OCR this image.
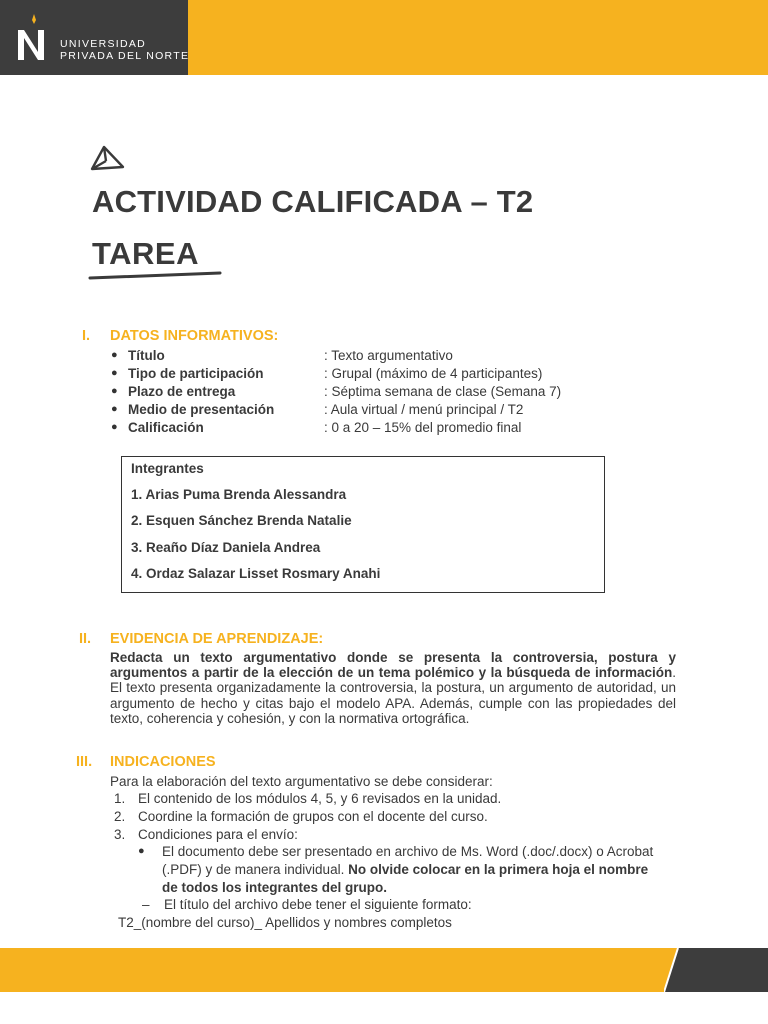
UNIVERSIDAD
PRIVADA DEL NORTE
ACTIVIDAD CALIFICADA – T2
TAREA
I. DATOS INFORMATIVOS:
● Título	: Texto argumentativo
● Tipo de participación	: Grupal (máximo de 4 participantes)
● Plazo de entrega	: Séptima semana de clase (Semana 7)
● Medio de presentación	: Aula virtual / menú principal / T2
● Calificación	: 0 a 20 – 15% del promedio final
Integrantes
1. Arias Puma Brenda Alessandra
2. Esquen Sánchez Brenda Natalie
3. Reaño Díaz Daniela Andrea
4. Ordaz Salazar Lisset Rosmary Anahi
II. EVIDENCIA DE APRENDIZAJE:
Redacta un texto argumentativo donde se presenta la controversia, postura y argumentos a partir de la elección de un tema polémico y la búsqueda de información. El texto presenta organizadamente la controversia, la postura, un argumento de autoridad, un argumento de hecho y citas bajo el modelo APA. Además, cumple con las propiedades del texto, coherencia y cohesión, y con la normativa ortográfica.
III. INDICACIONES
Para la elaboración del texto argumentativo se debe considerar:
1. El contenido de los módulos 4, 5, y 6 revisados en la unidad.
2. Coordine la formación de grupos con el docente del curso.
3. Condiciones para el envío:
● El documento debe ser presentado en archivo de Ms. Word (.doc/.docx) o Acrobat
(.PDF) y de manera individual. No olvide colocar en la primera hoja el nombre
de todos los integrantes del grupo.
– El título del archivo debe tener el siguiente formato:
T2_(nombre del curso)_ Apellidos y nombres completos
